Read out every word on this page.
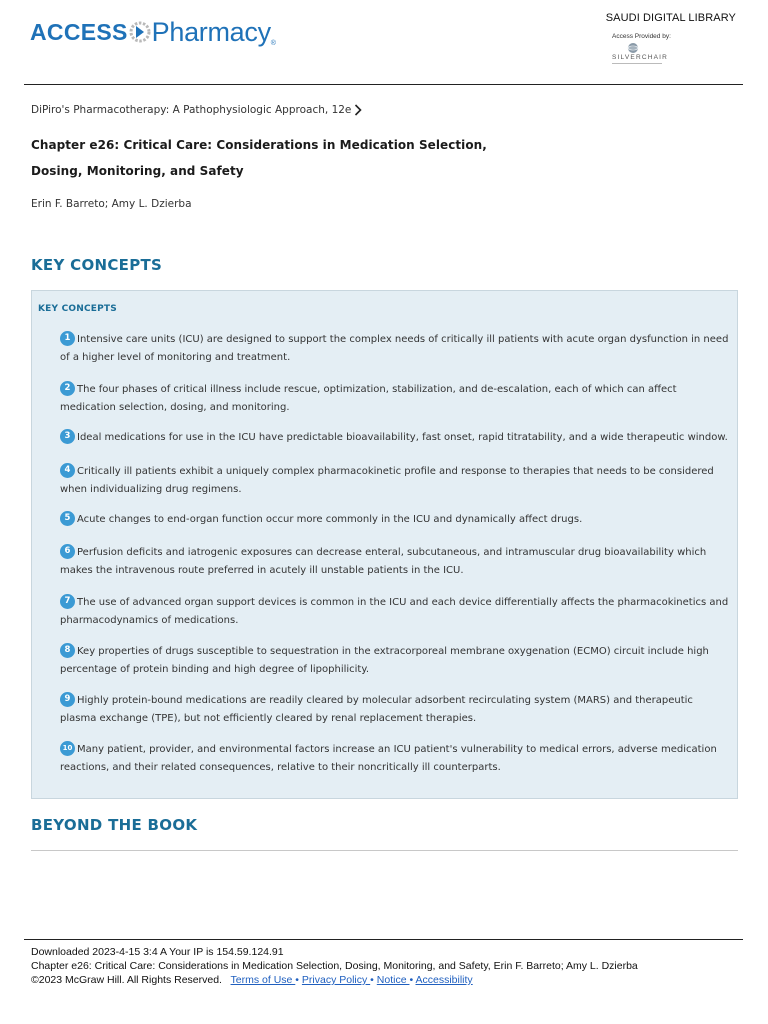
ACCESS Pharmacy ®
SAUDI DIGITAL LIBRARY
Access Provided by:
SILVERCHAIR
DiPiro's Pharmacotherapy: A Pathophysiologic Approach, 12e
Chapter e26: Critical Care: Considerations in Medication Selection, Dosing, Monitoring, and Safety
Erin F. Barreto; Amy L. Dzierba
KEY CONCEPTS
KEY CONCEPTS
1 Intensive care units (ICU) are designed to support the complex needs of critically ill patients with acute organ dysfunction in need of a higher level of monitoring and treatment.
2 The four phases of critical illness include rescue, optimization, stabilization, and de-escalation, each of which can affect medication selection, dosing, and monitoring.
3 Ideal medications for use in the ICU have predictable bioavailability, fast onset, rapid titratability, and a wide therapeutic window.
4 Critically ill patients exhibit a uniquely complex pharmacokinetic profile and response to therapies that needs to be considered when individualizing drug regimens.
5 Acute changes to end-organ function occur more commonly in the ICU and dynamically affect drugs.
6 Perfusion deficits and iatrogenic exposures can decrease enteral, subcutaneous, and intramuscular drug bioavailability which makes the intravenous route preferred in acutely ill unstable patients in the ICU.
7 The use of advanced organ support devices is common in the ICU and each device differentially affects the pharmacokinetics and pharmacodynamics of medications.
8 Key properties of drugs susceptible to sequestration in the extracorporeal membrane oxygenation (ECMO) circuit include high percentage of protein binding and high degree of lipophilicity.
9 Highly protein-bound medications are readily cleared by molecular adsorbent recirculating system (MARS) and therapeutic plasma exchange (TPE), but not efficiently cleared by renal replacement therapies.
10 Many patient, provider, and environmental factors increase an ICU patient's vulnerability to medical errors, adverse medication reactions, and their related consequences, relative to their noncritically ill counterparts.
BEYOND THE BOOK
Downloaded 2023-4-15 3:4 A Your IP is 154.59.124.91
Chapter e26: Critical Care: Considerations in Medication Selection, Dosing, Monitoring, and Safety, Erin F. Barreto; Amy L. Dzierba
©2023 McGraw Hill. All Rights Reserved. Terms of Use • Privacy Policy • Notice • Accessibility
